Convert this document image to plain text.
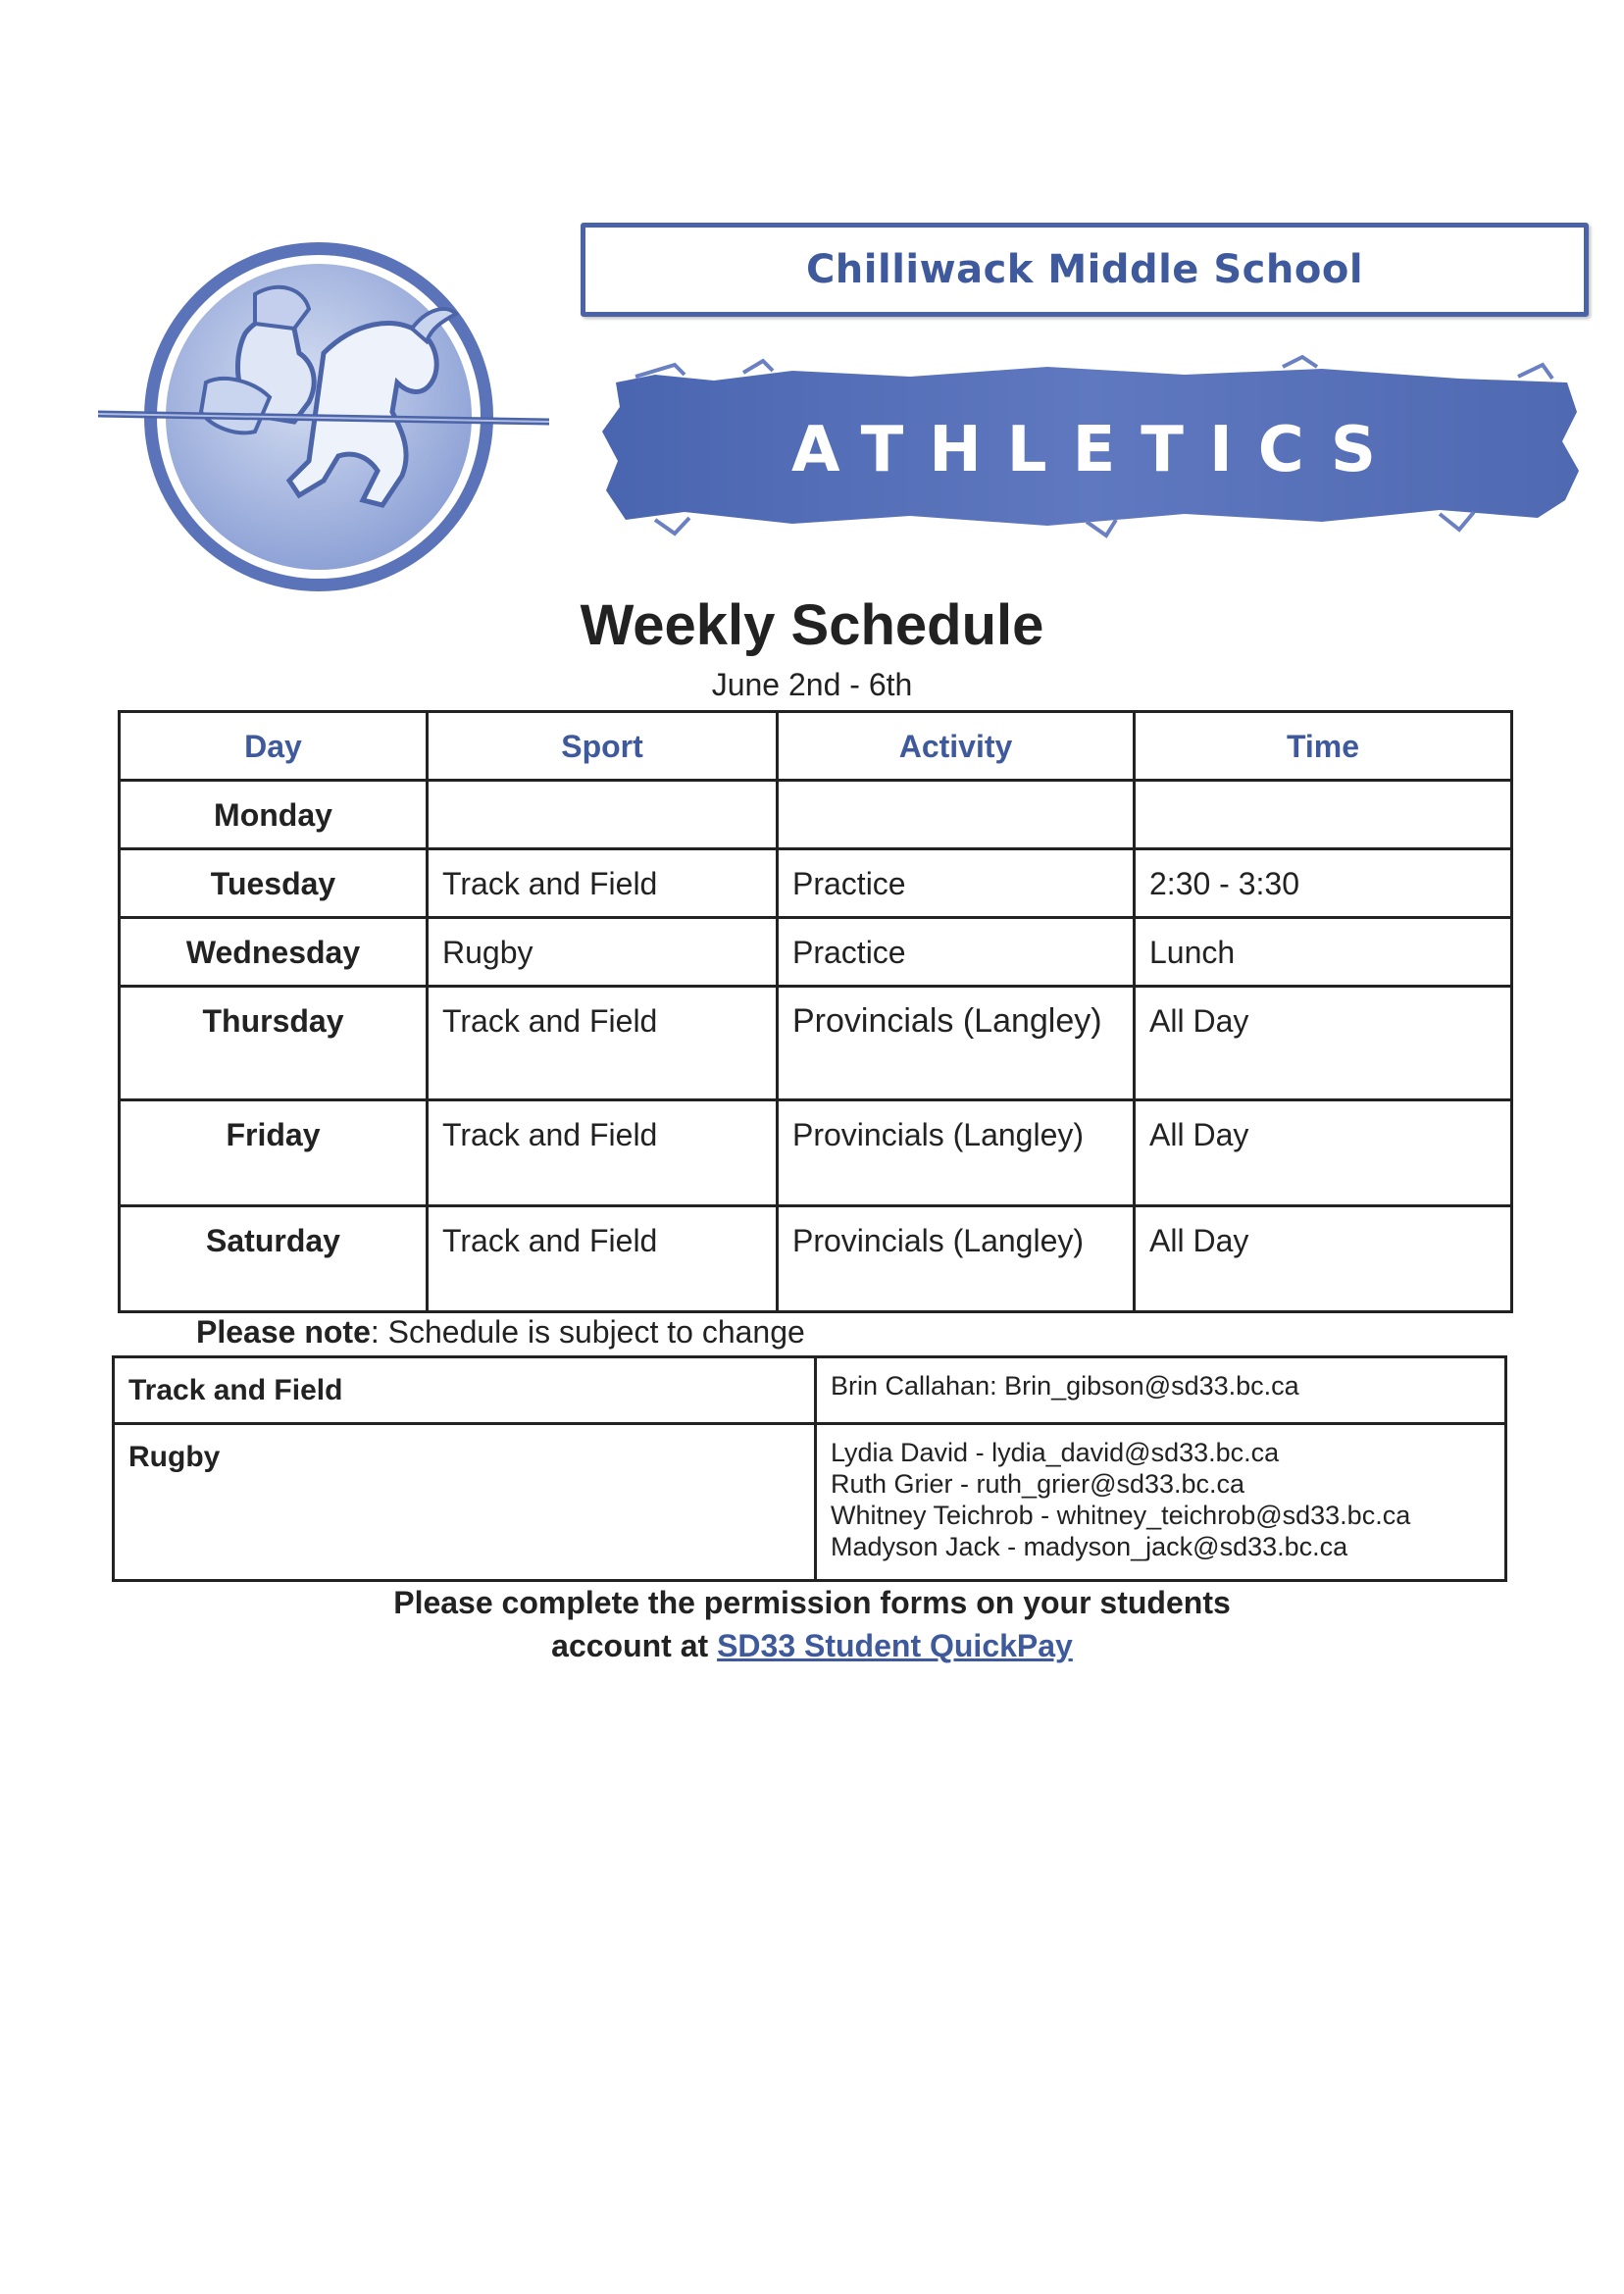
Chilliwack Middle School
ATHLETICS
Weekly Schedule
June 2nd - 6th
Day	Sport	Activity	Time
Monday			
Tuesday	Track and Field	Practice	2:30 - 3:30
Wednesday	Rugby	Practice	Lunch
Thursday	Track and Field	Provincials (Langley)	All Day
Friday	Track and Field	Provincials (Langley)	All Day
Saturday	Track and Field	Provincials (Langley)	All Day
Please note: Schedule is subject to change
Track and Field	Brin Callahan: Brin_gibson@sd33.bc.ca

Rugby	Lydia David - lydia_david@sd33.bc.ca
Ruth Grier - ruth_grier@sd33.bc.ca
Whitney Teichrob - whitney_teichrob@sd33.bc.ca
Madyson Jack - madyson_jack@sd33.bc.ca
Please complete the permission forms on your students
account at SD33 Student QuickPay
